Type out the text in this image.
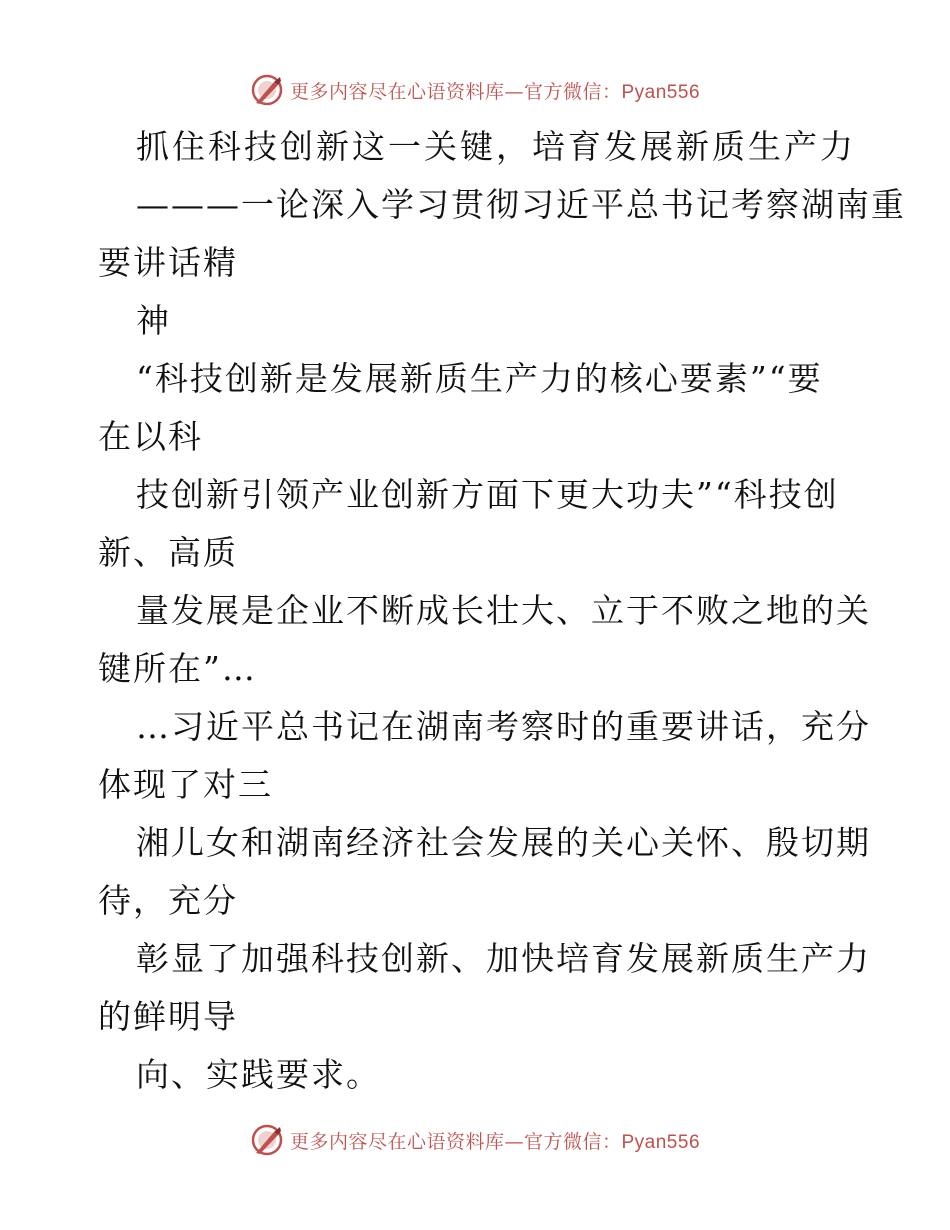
更多内容尽在心语资料库—官方微信：Pyan556
抓住科技创新这一关键，培育发展新质生产力
———一论深入学习贯彻习近平总书记考察湖南重
要讲话精
神
“科技创新是发展新质生产力的核心要素”“要
在以科
技创新引领产业创新方面下更大功夫”“科技创
新、高质
量发展是企业不断成长壮大、立于不败之地的关
键所在”…
…习近平总书记在湖南考察时的重要讲话，充分
体现了对三
湘儿女和湖南经济社会发展的关心关怀、殷切期
待，充分
彰显了加强科技创新、加快培育发展新质生产力
的鲜明导
向、实践要求。
更多内容尽在心语资料库—官方微信：Pyan556
